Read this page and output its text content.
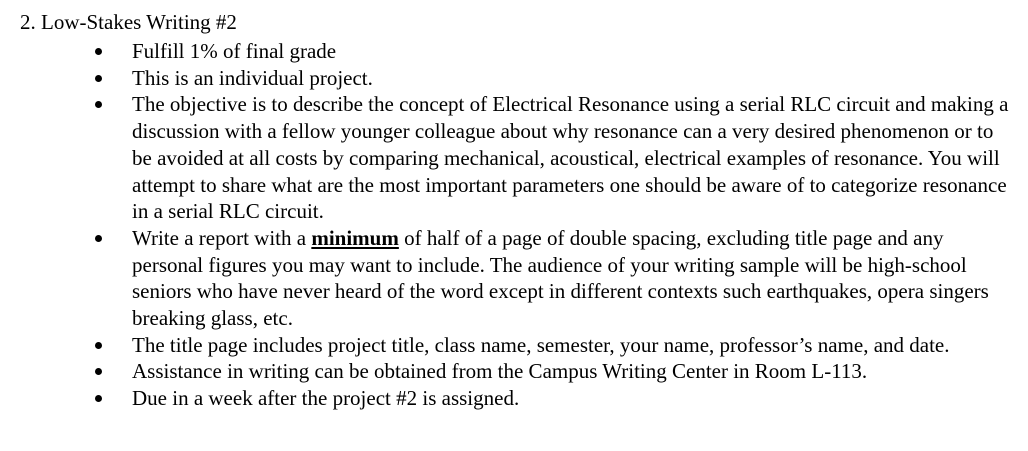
2. Low-Stakes Writing #2
Fulfill 1% of final grade
This is an individual project.
The objective is to describe the concept of Electrical Resonance using a serial RLC circuit and making a discussion with a fellow younger colleague about why resonance can a very desired phenomenon or to be avoided at all costs by comparing mechanical, acoustical, electrical examples of resonance. You will attempt to share what are the most important parameters one should be aware of to categorize resonance in a serial RLC circuit.
Write a report with a minimum of half of a page of double spacing, excluding title page and any personal figures you may want to include. The audience of your writing sample will be high-school seniors who have never heard of the word except in different contexts such earthquakes, opera singers breaking glass, etc.
The title page includes project title, class name, semester, your name, professor’s name, and date.
Assistance in writing can be obtained from the Campus Writing Center in Room L-113.
Due in a week after the project #2 is assigned.
